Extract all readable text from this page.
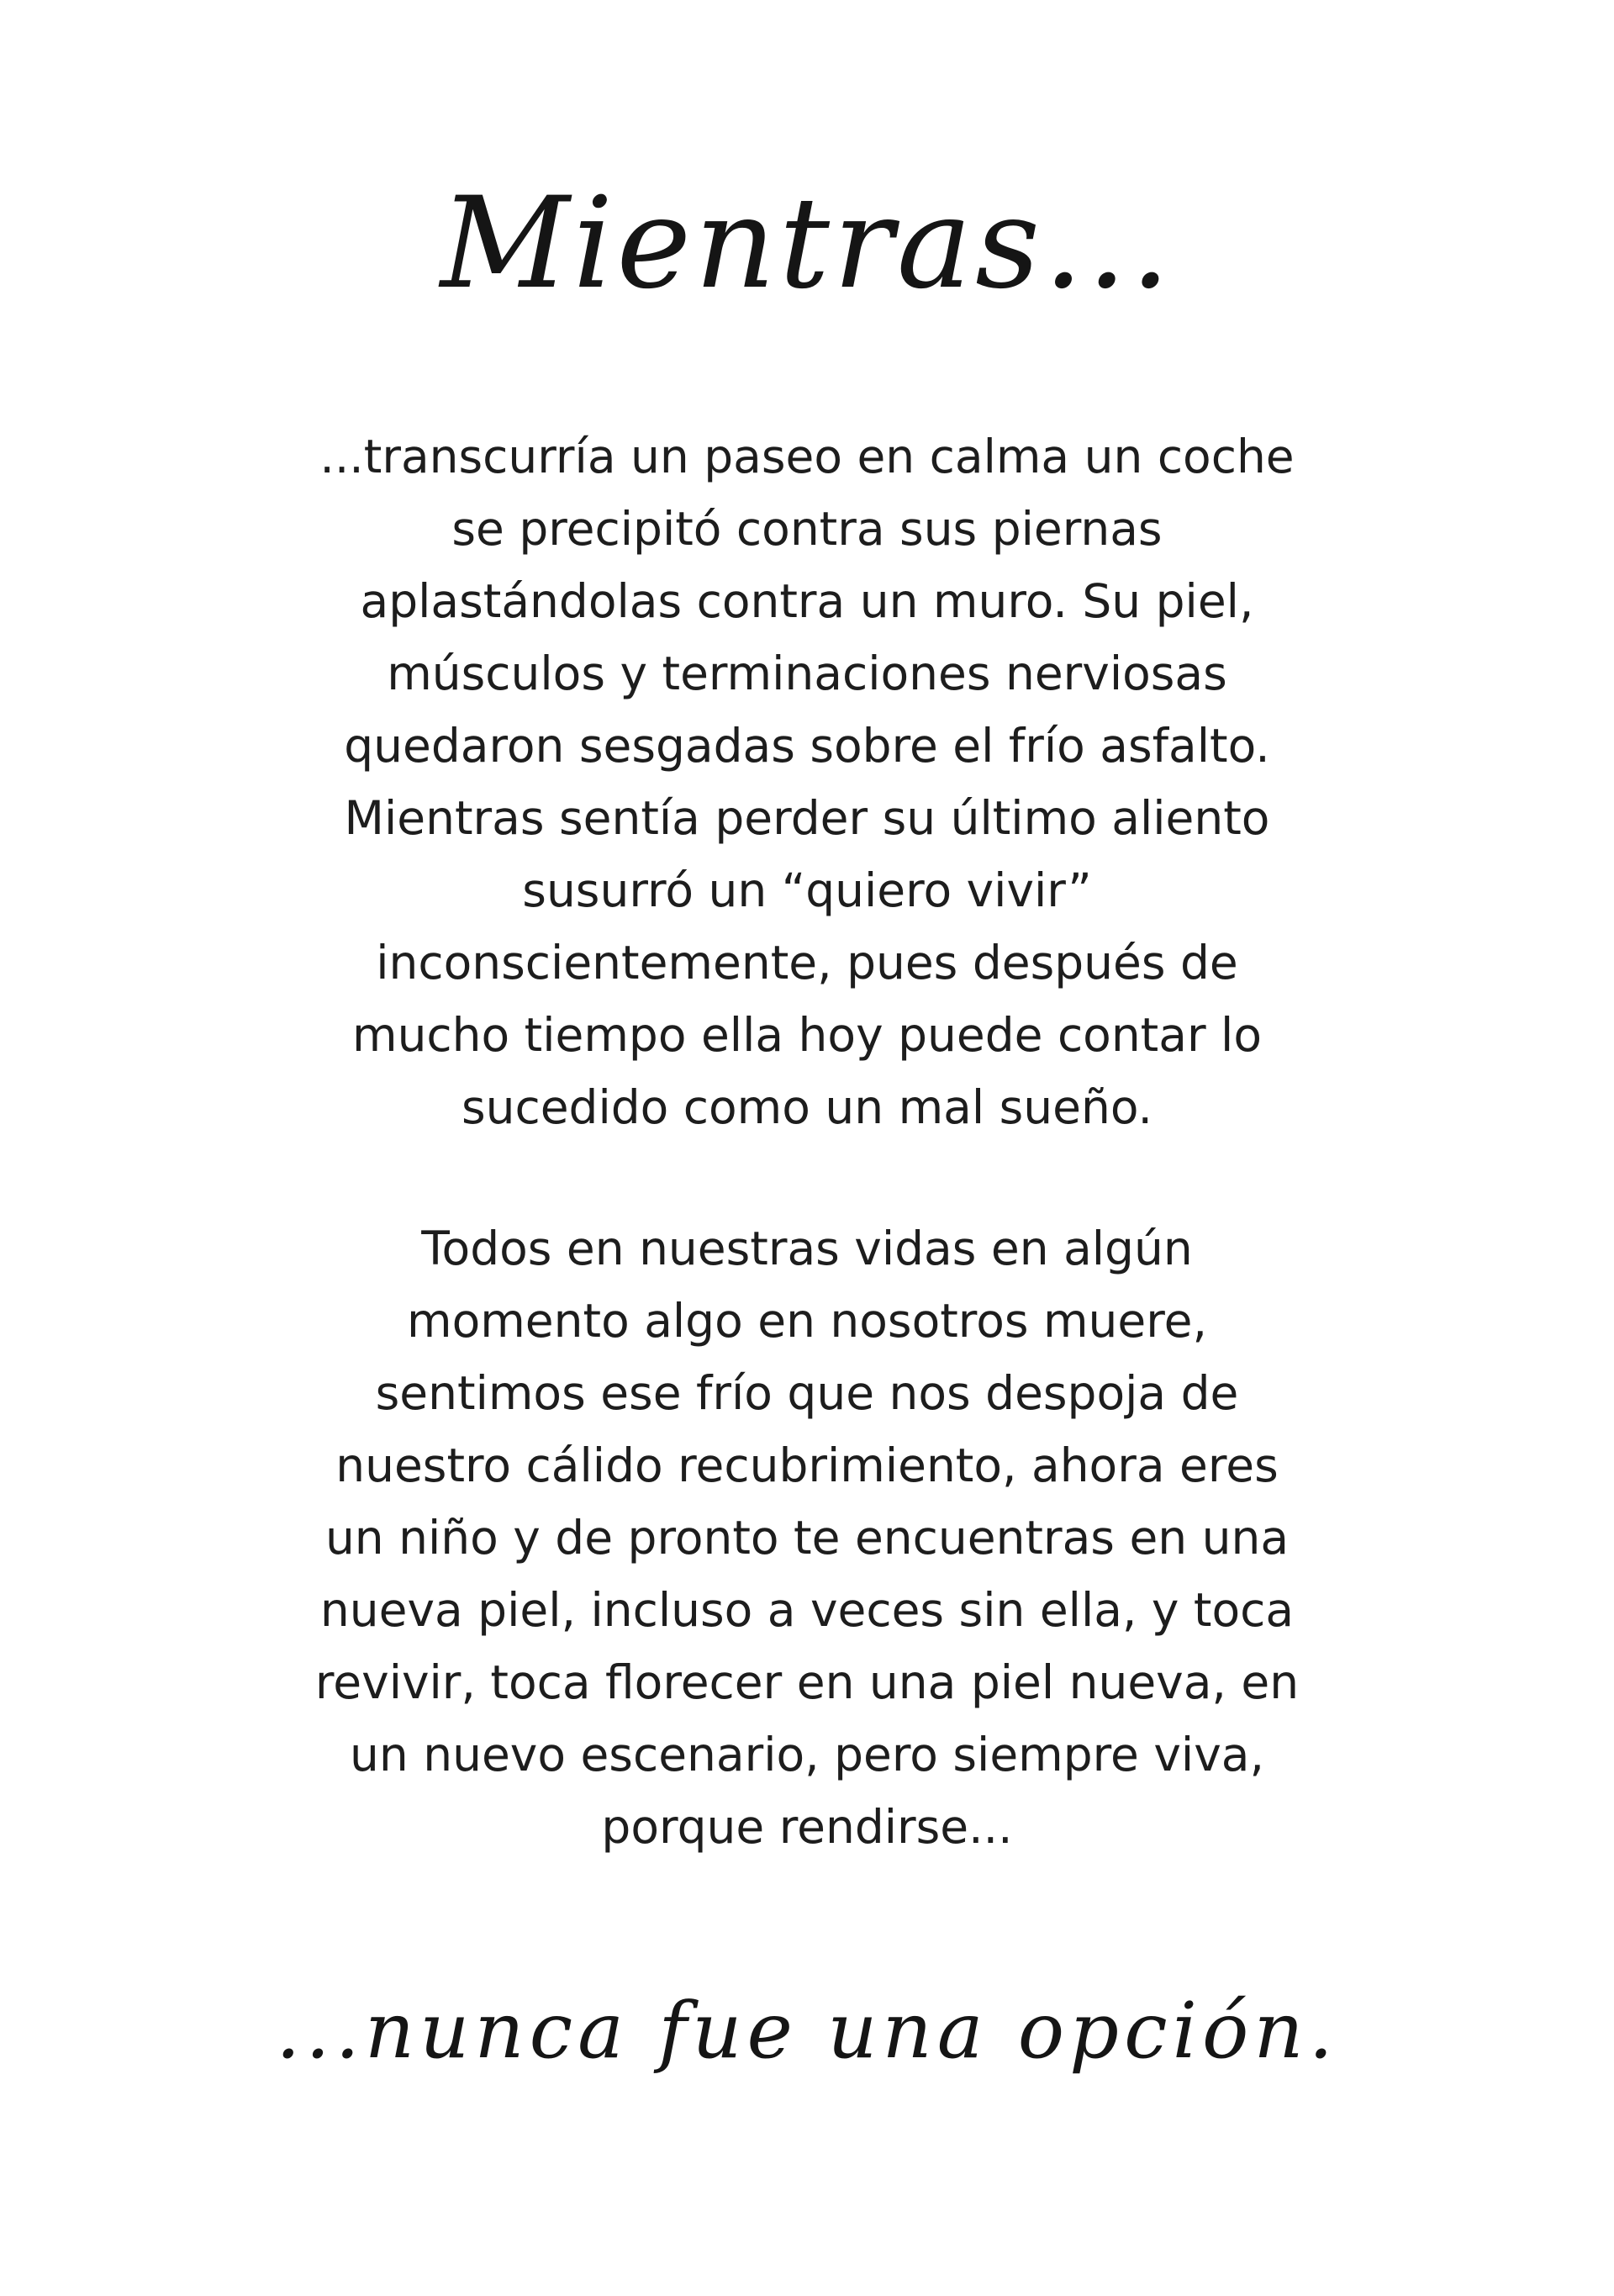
Mientras...
...transcurría un paseo en calma un coche
se precipitó contra sus piernas
aplastándolas contra un muro. Su piel,
músculos y terminaciones nerviosas
quedaron sesgadas sobre el frío asfalto.
Mientras sentía perder su último aliento
susurró un “quiero vivir”
inconscientemente, pues después de
mucho tiempo ella hoy puede contar lo
sucedido como un mal sueño.
Todos en nuestras vidas en algún
momento algo en nosotros muere,
sentimos ese frío que nos despoja de
nuestro cálido recubrimiento, ahora eres
un niño y de pronto te encuentras en una
nueva piel, incluso a veces sin ella, y toca
revivir, toca florecer en una piel nueva, en
un nuevo escenario, pero siempre viva,
porque rendirse...
...nunca fue una opción.
